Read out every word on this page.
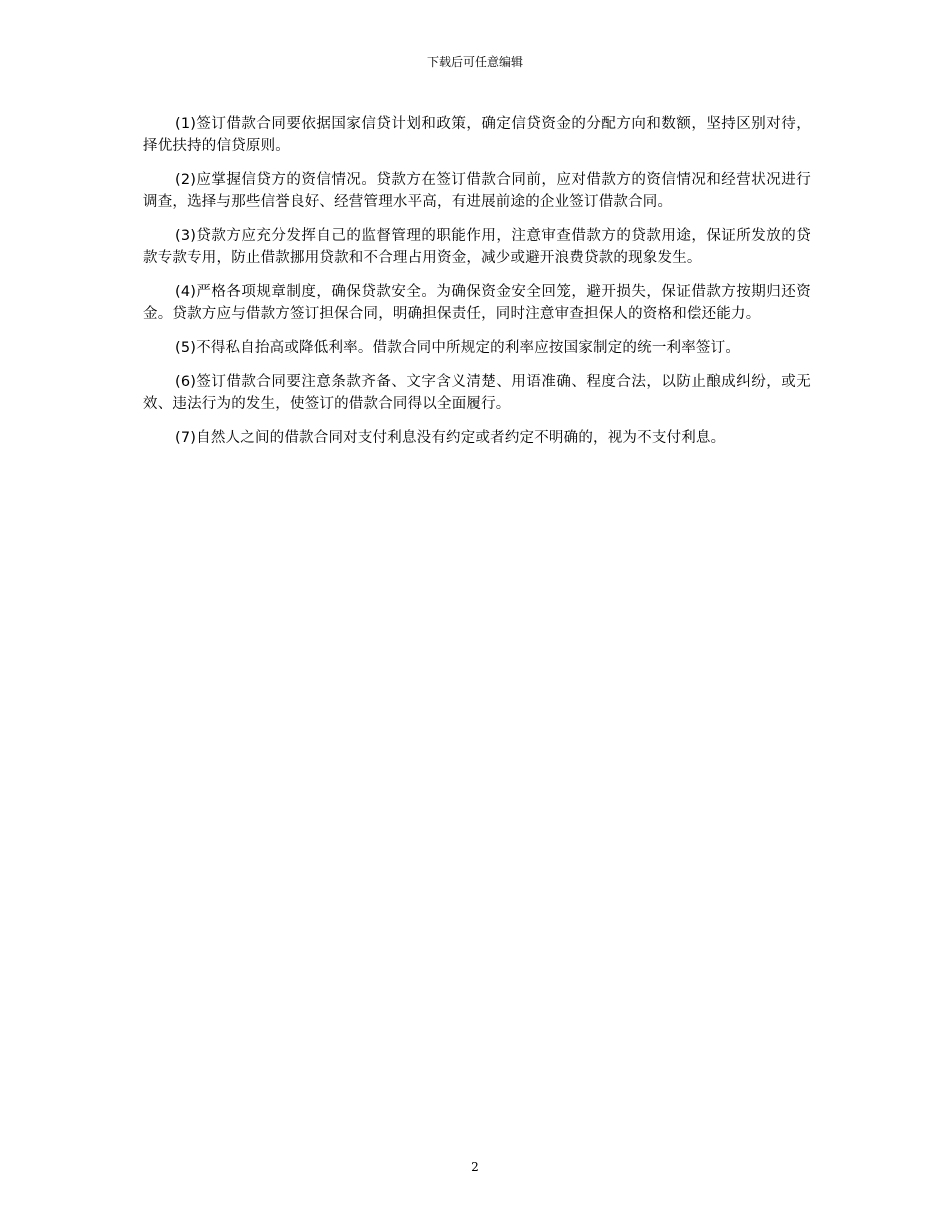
下载后可任意编辑

(1)签订借款合同要依据国家信贷计划和政策，确定信贷资金的分配方向和数额，坚持区别对待，择优扶持的信贷原则。

(2)应掌握信贷方的资信情况。贷款方在签订借款合同前，应对借款方的资信情况和经营状况进行调查，选择与那些信誉良好、经营管理水平高，有进展前途的企业签订借款合同。

(3)贷款方应充分发挥自己的监督管理的职能作用，注意审查借款方的贷款用途，保证所发放的贷款专款专用，防止借款挪用贷款和不合理占用资金，减少或避开浪费贷款的现象发生。

(4)严格各项规章制度，确保贷款安全。为确保资金安全回笼，避开损失，保证借款方按期归还资金。贷款方应与借款方签订担保合同，明确担保责任，同时注意审查担保人的资格和偿还能力。

(5)不得私自抬高或降低利率。借款合同中所规定的利率应按国家制定的统一利率签订。

(6)签订借款合同要注意条款齐备、文字含义清楚、用语准确、程度合法，以防止酿成纠纷，或无效、违法行为的发生，使签订的借款合同得以全面履行。

(7)自然人之间的借款合同对支付利息没有约定或者约定不明确的，视为不支付利息。

2
